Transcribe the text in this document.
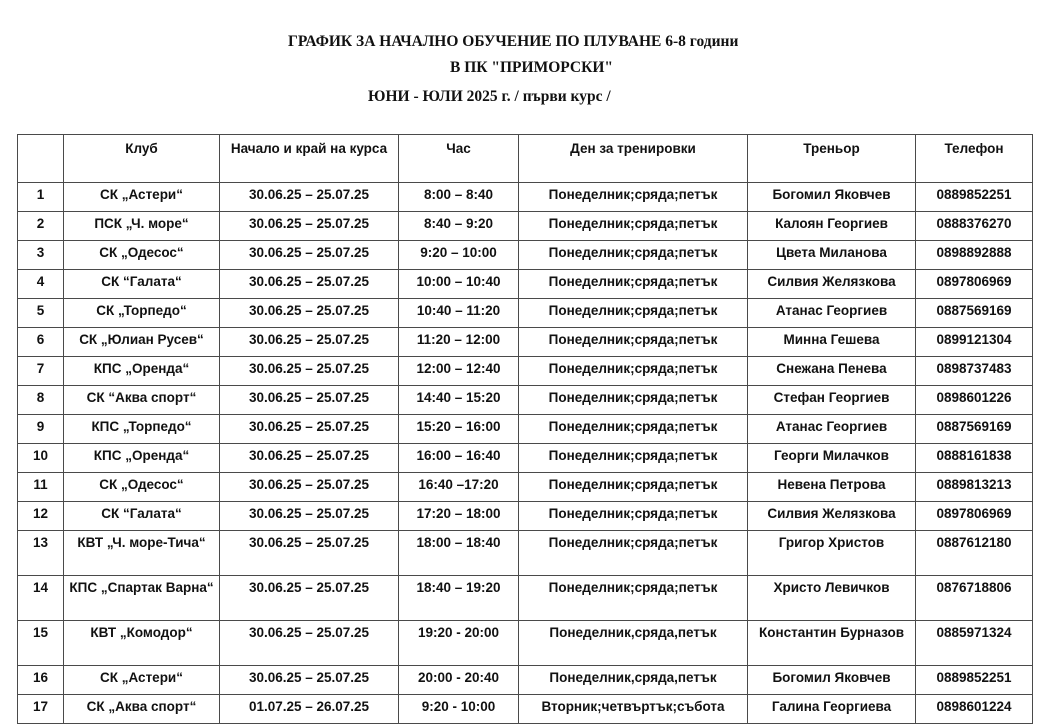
ГРАФИК ЗА НАЧАЛНО ОБУЧЕНИЕ ПО ПЛУВАНЕ 6-8 години
В ПК "ПРИМОРСКИ"
ЮНИ - ЮЛИ 2025 г. / първи курс /
	Клуб	Начало и край на курса	Час	Ден за тренировки	Треньор	Телефон
1	СК „Астери“	30.06.25 – 25.07.25	8:00 – 8:40	Понеделник;сряда;петък	Богомил Яковчев	0889852251
2	ПСК „Ч. море“	30.06.25 – 25.07.25	8:40 – 9:20	Понеделник;сряда;петък	Калоян Георгиев	0888376270
3	СК „Одесос“	30.06.25 – 25.07.25	9:20 – 10:00	Понеделник;сряда;петък	Цвета Миланова	0898892888
4	СК “Галата“	30.06.25 – 25.07.25	10:00 – 10:40	Понеделник;сряда;петък	Силвия Желязкова	0897806969
5	СК „Торпедо“	30.06.25 – 25.07.25	10:40 – 11:20	Понеделник;сряда;петък	Атанас Георгиев	0887569169
6	СК „Юлиан Русев“	30.06.25 – 25.07.25	11:20 – 12:00	Понеделник;сряда;петък	Минна Гешева	0899121304
7	КПС „Оренда“	30.06.25 – 25.07.25	12:00 – 12:40	Понеделник;сряда;петък	Снежана Пенева	0898737483
8	СК “Аква спорт“	30.06.25 – 25.07.25	14:40 – 15:20	Понеделник;сряда;петък	Стефан Георгиев	0898601226
9	КПС „Торпедо“	30.06.25 – 25.07.25	15:20 – 16:00	Понеделник;сряда;петък	Атанас Георгиев	0887569169
10	КПС „Оренда“	30.06.25 – 25.07.25	16:00 – 16:40	Понеделник;сряда;петък	Георги Милачков	0888161838
11	СК „Одесос“	30.06.25 – 25.07.25	16:40 –17:20	Понеделник;сряда;петък	Невена Петрова	0889813213
12	СК “Галата“	30.06.25 – 25.07.25	17:20 – 18:00	Понеделник;сряда;петък	Силвия Желязкова	0897806969
13	КВТ „Ч. море-Тича“	30.06.25 – 25.07.25	18:00 – 18:40	Понеделник;сряда;петък	Григор Христов	0887612180
14	КПС „Спартак Варна“	30.06.25 – 25.07.25	18:40 – 19:20	Понеделник;сряда;петък	Христо Левичков	0876718806
15	КВТ „Комодор“	30.06.25 – 25.07.25	19:20 - 20:00	Понеделник,сряда,петък	Константин Бурназов	0885971324
16	СК „Астери“	30.06.25 – 25.07.25	20:00 - 20:40	Понеделник,сряда,петък	Богомил Яковчев	0889852251
17	СК „Аква спорт“	01.07.25 – 26.07.25	9:20 - 10:00	Вторник;четвъртък;събота	Галина Георгиева	0898601224
